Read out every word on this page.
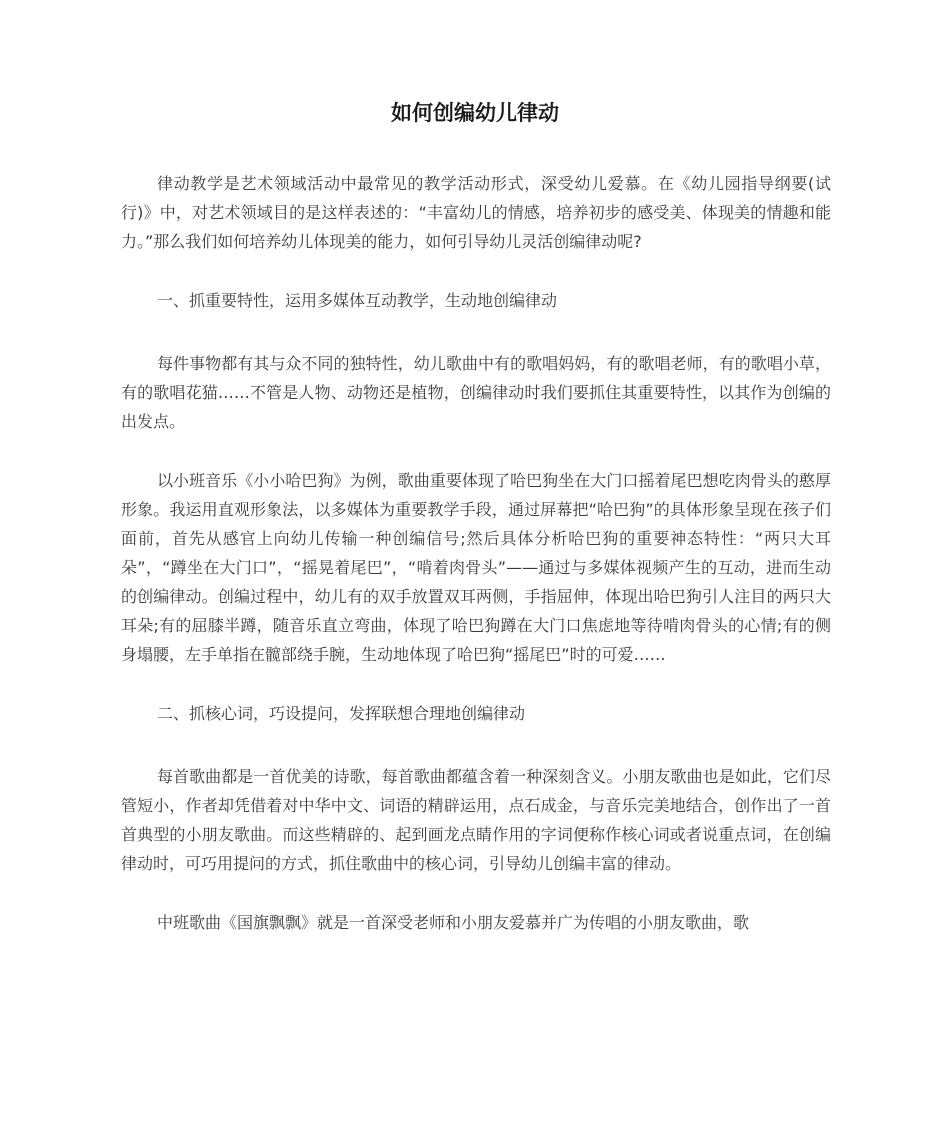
如何创编幼儿律动

律动教学是艺术领域活动中最常见的教学活动形式，深受幼儿爱慕。在《幼儿园指导纲要(试行)》中，对艺术领域目的是这样表述的：“丰富幼儿的情感，培养初步的感受美、体现美的情趣和能力。”那么我们如何培养幼儿体现美的能力，如何引导幼儿灵活创编律动呢?

一、抓重要特性，运用多媒体互动教学，生动地创编律动

每件事物都有其与众不同的独特性，幼儿歌曲中有的歌唱妈妈，有的歌唱老师，有的歌唱小草，有的歌唱花猫……不管是人物、动物还是植物，创编律动时我们要抓住其重要特性，以其作为创编的出发点。

以小班音乐《小小哈巴狗》为例，歌曲重要体现了哈巴狗坐在大门口摇着尾巴想吃肉骨头的憨厚形象。我运用直观形象法，以多媒体为重要教学手段，通过屏幕把“哈巴狗”的具体形象呈现在孩子们面前，首先从感官上向幼儿传输一种创编信号;然后具体分析哈巴狗的重要神态特性：“两只大耳朵”，“蹲坐在大门口”，“摇晃着尾巴”，“啃着肉骨头”——通过与多媒体视频产生的互动，进而生动的创编律动。创编过程中，幼儿有的双手放置双耳两侧，手指屈伸，体现出哈巴狗引人注目的两只大耳朵;有的屈膝半蹲，随音乐直立弯曲，体现了哈巴狗蹲在大门口焦虑地等待啃肉骨头的心情;有的侧身塌腰，左手单指在髋部绕手腕，生动地体现了哈巴狗“摇尾巴”时的可爱……

二、抓核心词，巧设提问，发挥联想合理地创编律动

每首歌曲都是一首优美的诗歌，每首歌曲都蕴含着一种深刻含义。小朋友歌曲也是如此，它们尽管短小，作者却凭借着对中华中文、词语的精辟运用，点石成金，与音乐完美地结合，创作出了一首首典型的小朋友歌曲。而这些精辟的、起到画龙点睛作用的字词便称作核心词或者说重点词，在创编律动时，可巧用提问的方式，抓住歌曲中的核心词，引导幼儿创编丰富的律动。

中班歌曲《国旗飘飘》就是一首深受老师和小朋友爱慕并广为传唱的小朋友歌曲，歌
